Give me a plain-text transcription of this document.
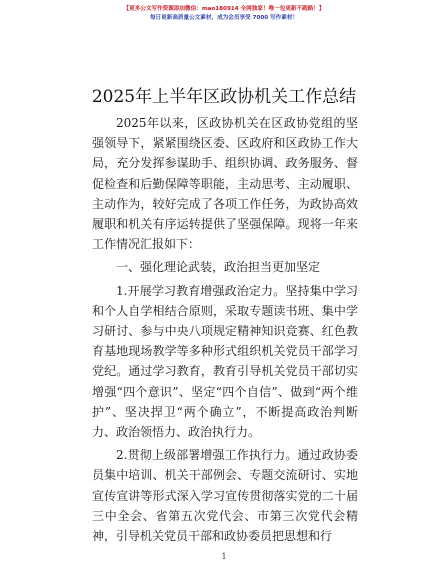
【更多公文写作资源添加微信：mao180914 全网独家！唯一包更新不跑路！】
每日更新高质量公文素材，成为会员享受 7000 写作素材！
2025年上半年区政协机关工作总结

2025年以来，区政协机关在区政协党组的坚强领导下，紧紧围绕区委、区政府和区政协工作大局，充分发挥参谋助手、组织协调、政务服务、督促检查和后勤保障等职能，主动思考、主动履职、主动作为，较好完成了各项工作任务，为政协高效履职和机关有序运转提供了坚强保障。现将一年来工作情况汇报如下：

一、强化理论武装，政治担当更加坚定

1.开展学习教育增强政治定力。坚持集中学习和个人自学相结合原则，采取专题读书班、集中学习研讨、参与中央八项规定精神知识竞赛、红色教育基地现场教学等多种形式组织机关党员干部学习党纪。通过学习教育，教育引导机关党员干部切实增强“四个意识”、坚定“四个自信”、做到“两个维护”、坚决捍卫“两个确立”，不断提高政治判断力、政治领悟力、政治执行力。

2.贯彻上级部署增强工作执行力。通过政协委员集中培训、机关干部例会、专题交流研讨、实地宣传宣讲等形式深入学习宣传贯彻落实党的二十届三中全会、省第五次党代会、市第三次党代会精神，引导机关党员干部和政协委员把思想和行

1
